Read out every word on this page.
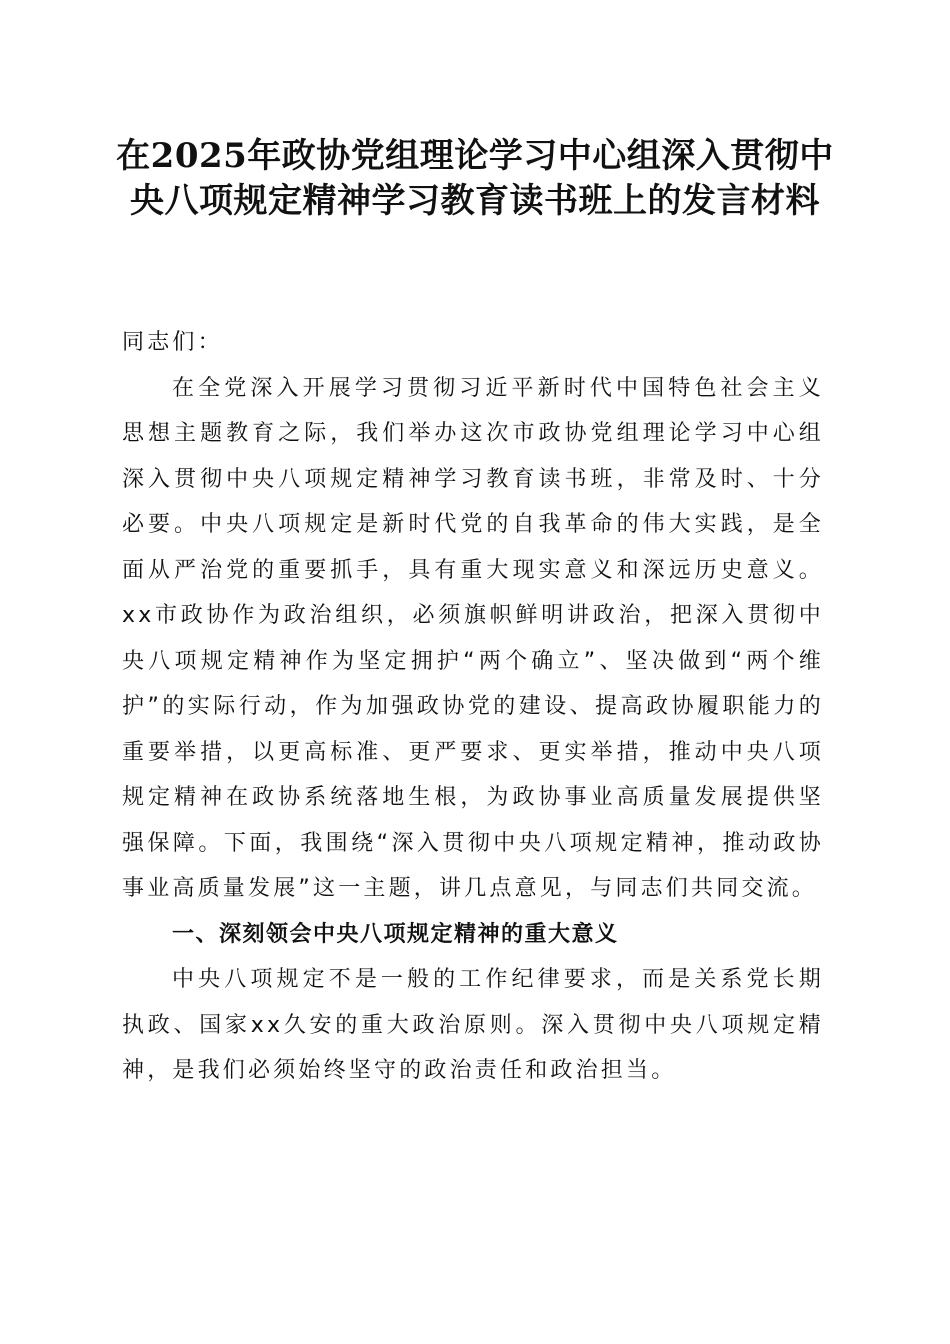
在2025年政协党组理论学习中心组深入贯彻中央八项规定精神学习教育读书班上的发言材料

同志们：

在全党深入开展学习贯彻习近平新时代中国特色社会主义思想主题教育之际，我们举办这次市政协党组理论学习中心组深入贯彻中央八项规定精神学习教育读书班，非常及时、十分必要。中央八项规定是新时代党的自我革命的伟大实践，是全面从严治党的重要抓手，具有重大现实意义和深远历史意义。xx市政协作为政治组织，必须旗帜鲜明讲政治，把深入贯彻中央八项规定精神作为坚定拥护“两个确立”、坚决做到“两个维护”的实际行动，作为加强政协党的建设、提高政协履职能力的重要举措，以更高标准、更严要求、更实举措，推动中央八项规定精神在政协系统落地生根，为政协事业高质量发展提供坚强保障。下面，我围绕“深入贯彻中央八项规定精神，推动政协事业高质量发展”这一主题，讲几点意见，与同志们共同交流。

一、深刻领会中央八项规定精神的重大意义

中央八项规定不是一般的工作纪律要求，而是关系党长期执政、国家xx久安的重大政治原则。深入贯彻中央八项规定精神，是我们必须始终坚守的政治责任和政治担当。
